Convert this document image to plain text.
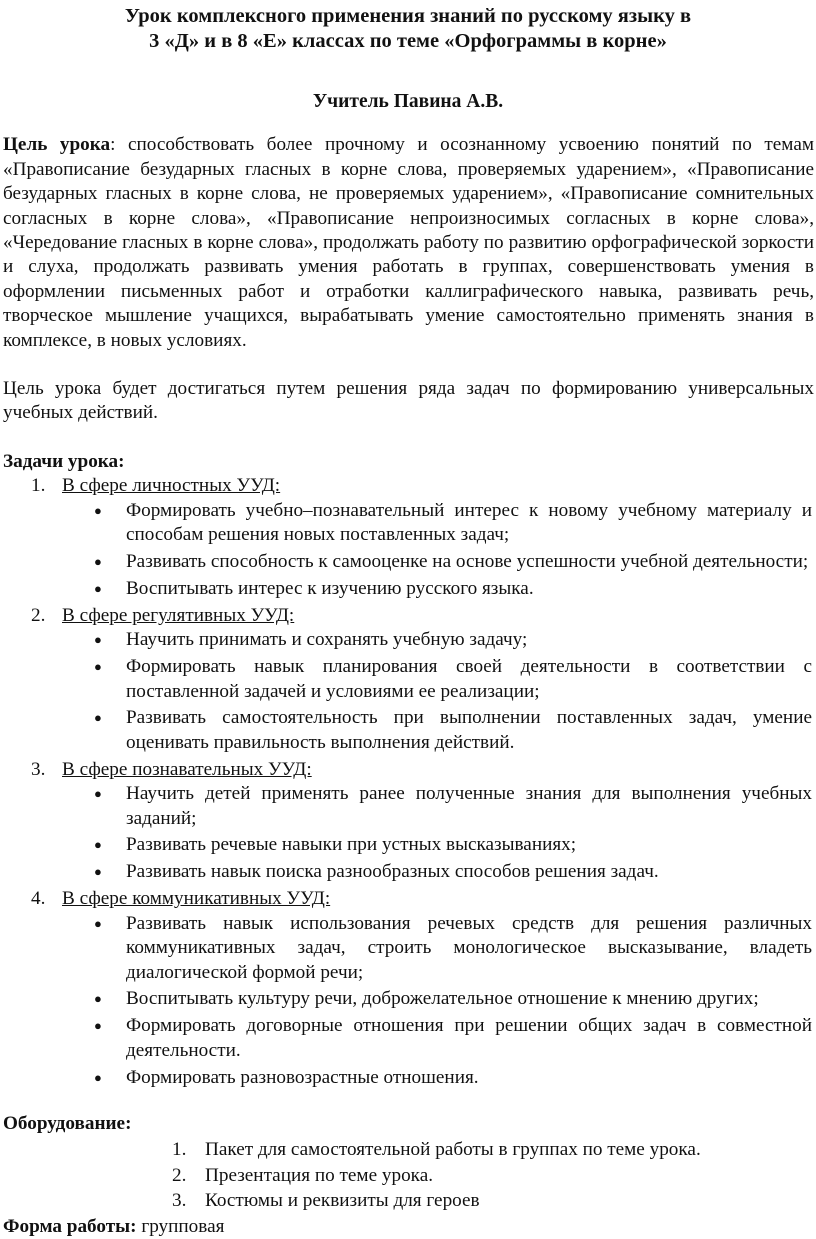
Урок комплексного применения знаний по русскому языку в
3 «Д» и в 8 «Е» классах по теме «Орфограммы в корне»
Учитель Павина А.В.

Цель урока: способствовать более прочному и осознанному усвоению понятий по темам «Правописание безударных гласных в корне слова, проверяемых ударением», «Правописание безударных гласных в корне слова, не проверяемых ударением», «Правописание сомнительных согласных в корне слова», «Правописание непроизносимых согласных в корне слова», «Чередование гласных в корне слова», продолжать работу по развитию орфографической зоркости и слуха, продолжать развивать умения работать в группах, совершенствовать умения в оформлении письменных работ и отработки каллиграфического навыка, развивать речь, творческое мышление учащихся, вырабатывать умение самостоятельно применять знания в комплексе, в новых условиях.

Цель урока будет достигаться путем решения ряда задач по формированию универсальных учебных действий.

Задачи урока:
1. В сфере личностных УУД:
● Формировать учебно–познавательный интерес к новому учебному материалу и способам решения новых поставленных задач;
● Развивать способность к самооценке на основе успешности учебной деятельности;
● Воспитывать интерес к изучению русского языка.
2. В сфере регулятивных УУД:
● Научить принимать и сохранять учебную задачу;
● Формировать навык планирования своей деятельности в соответствии с поставленной задачей и условиями ее реализации;
● Развивать самостоятельность при выполнении поставленных задач, умение оценивать правильность выполнения действий.
3. В сфере познавательных УУД:
● Научить детей применять ранее полученные знания для выполнения учебных заданий;
● Развивать речевые навыки при устных высказываниях;
● Развивать навык поиска разнообразных способов решения задач.
4. В сфере коммуникативных УУД:
● Развивать навык использования речевых средств для решения различных коммуникативных задач, строить монологическое высказывание, владеть диалогической формой речи;
● Воспитывать культуру речи, доброжелательное отношение к мнению других;
● Формировать договорные отношения при решении общих задач в совместной деятельности.
● Формировать разновозрастные отношения.
Оборудование:
1. Пакет для самостоятельной работы в группах по теме урока.
2. Презентация по теме урока.
3. Костюмы и реквизиты для героев
Форма работы: групповая
